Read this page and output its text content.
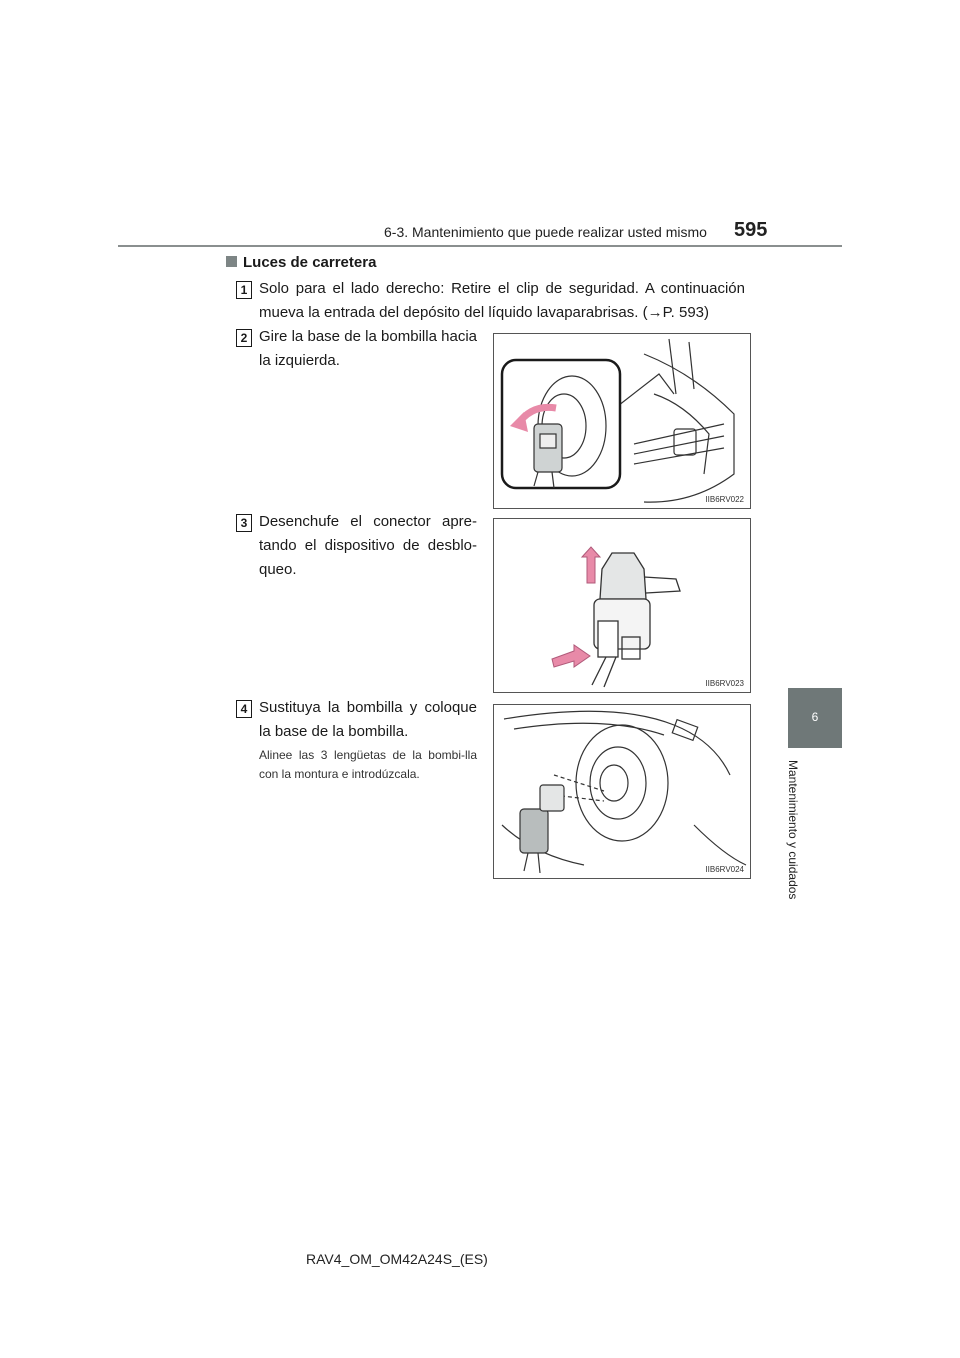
6-3. Mantenimiento que puede realizar usted mismo 595
6
Mantenimiento y cuidados
Luces de carretera
1 Solo para el lado derecho: Retire el clip de seguridad. A continuación mueva la entrada del depósito del líquido lavaparabrisas. (→P. 593)
2 Gire la base de la bombilla hacia la izquierda.
IIB6RV022
3 Desenchufe el conector apre-tando el dispositivo de desblo-queo.
IIB6RV023
4 Sustituya la bombilla y coloque la base de la bombilla.
Alinee las 3 lengüetas de la bombi-lla con la montura e introdúzcala.
IIB6RV024
RAV4_OM_OM42A24S_(ES)
